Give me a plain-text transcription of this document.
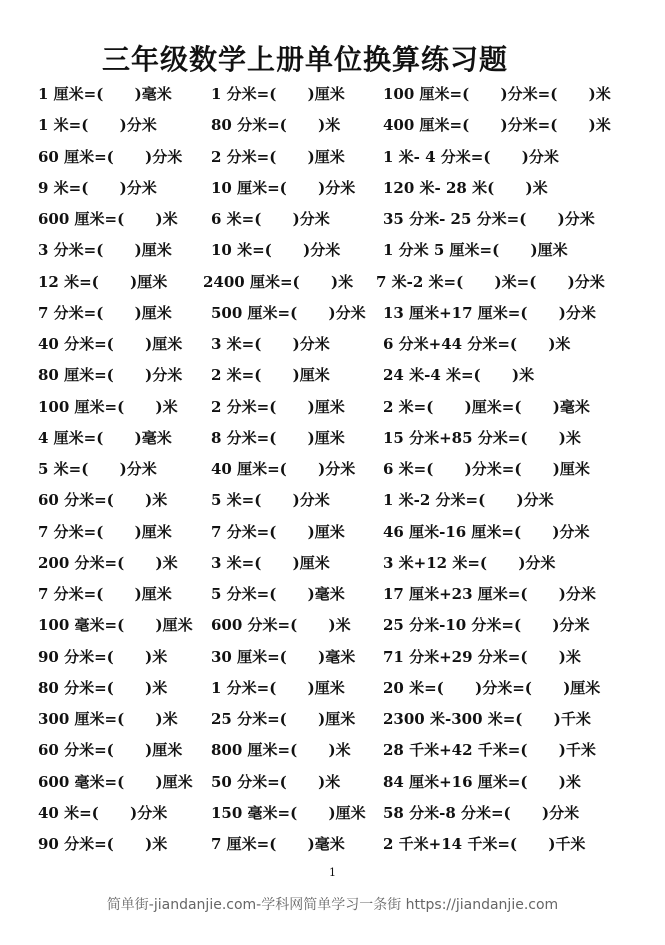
三年级数学上册单位换算练习题
1 厘米=(      )毫米	1 分米=(      )厘米	100 厘米=(      )分米=(      )米
1 米=(      )分米	80 分米=(      )米	400 厘米=(      )分米=(      )米
60 厘米=(      )分米 2 分米=(      )厘米	1 米- 4 分米=(      )分米
9 米=(      )分米	10 厘米=(      )分米 120 米- 28 米(      )米
600 厘米=(      )米 6 米=(      )分米	35 分米- 25 分米=(      )分米
3 分米=(      )厘米	10 米=(      )分米	1 分米 5 厘米=(      )厘米
12 米=(      )厘米 2400 厘米=(      )米 7 米-2 米=(      )米=(      )分米
7 分米=(      )厘米	500 厘米=(      )分米 13 厘米+17 厘米=(      )分米
40 分米=(      )厘米 3 米=(      )分米	6 分米+44 分米=(      )米
80 厘米=(      )分米 2 米=(      )厘米	24 米-4 米=(      )米
100 厘米=(      )米 2 分米=(      )厘米	2 米=(      )厘米=(      )毫米
4 厘米=(      )毫米	8 分米=(      )厘米	15 分米+85 分米=(      )米
5 米=(      )分米	40 厘米=(      )分米 6 米=(      )分米=(      )厘米
60 分米=(      )米	5 米=(      )分米	1 米-2 分米=(      )分米
7 分米=(      )厘米	7 分米=(      )厘米	46 厘米-16 厘米=(      )分米
200 分米=(      )米 3 米=(      )厘米	3 米+12 米=(      )分米
7 分米=(      )厘米	5 分米=(      )毫米	17 厘米+23 厘米=(      )分米
100 毫米=(      )厘米 600 分米=(      )米 25 分米-10 分米=(      )分米
90 分米=(      )米	30 厘米=(      )毫米 71 分米+29 分米=(      )米
80 分米=(      )米	1 分米=(      )厘米	20 米=(      )分米=(      )厘米
300 厘米=(      )米 25 分米=(      )厘米 2300 米-300 米=(      )千米
60 分米=(      )厘米 800 厘米=(      )米 28 千米+42 千米=(      )千米
600 毫米=(      )厘米 50 分米=(      )米	84 厘米+16 厘米=(      )米
40 米=(      )分米	150 毫米=(      )厘米 58 分米-8 分米=(      )分米
90 分米=(      )米	7 厘米=(      )毫米	2 千米+14 千米=(      )千米
1
简单街-jiandanjie.com-学科网简单学习一条街 https://jiandanjie.com
